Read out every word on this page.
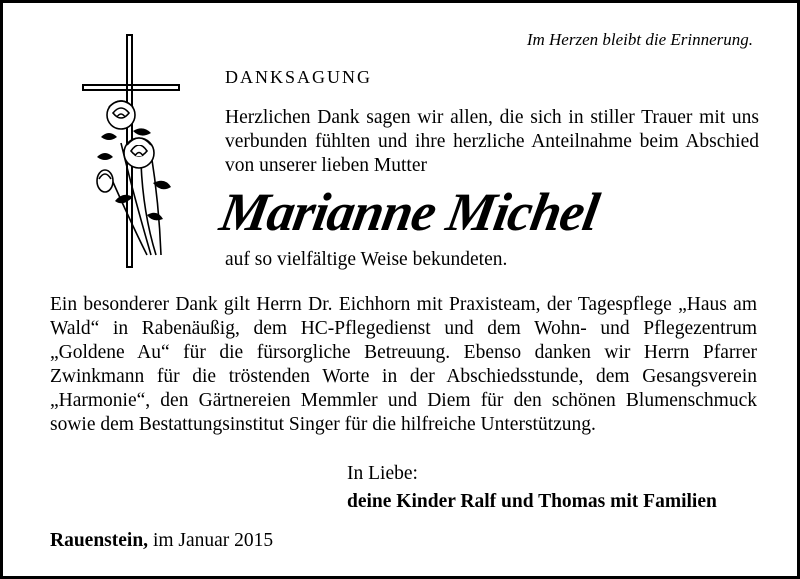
Im Herzen bleibt die Erinnerung.
DANKSAGUNG
Herzlichen Dank sagen wir allen, die sich in stiller Trauer mit uns verbunden fühlten und ihre herzliche Anteilnahme beim Abschied von unserer lieben Mutter
Marianne Michel
auf so vielfältige Weise bekundeten.
Ein besonderer Dank gilt Herrn Dr. Eichhorn mit Praxisteam, der Tagespflege „Haus am Wald“ in Rabenäußig, dem HC-Pflegedienst und dem Wohn- und Pflegezentrum „Goldene Au“ für die fürsorgliche Betreuung. Ebenso danken wir Herrn Pfarrer Zwinkmann für die tröstenden Worte in der Abschiedsstunde, dem Gesangsverein „Harmonie“, den Gärtnereien Memmler und Diem für den schönen Blumenschmuck sowie dem Bestattungsinstitut Singer für die hilfreiche Unterstützung.
In Liebe:
deine Kinder Ralf und Thomas mit Familien
Rauenstein, im Januar 2015
